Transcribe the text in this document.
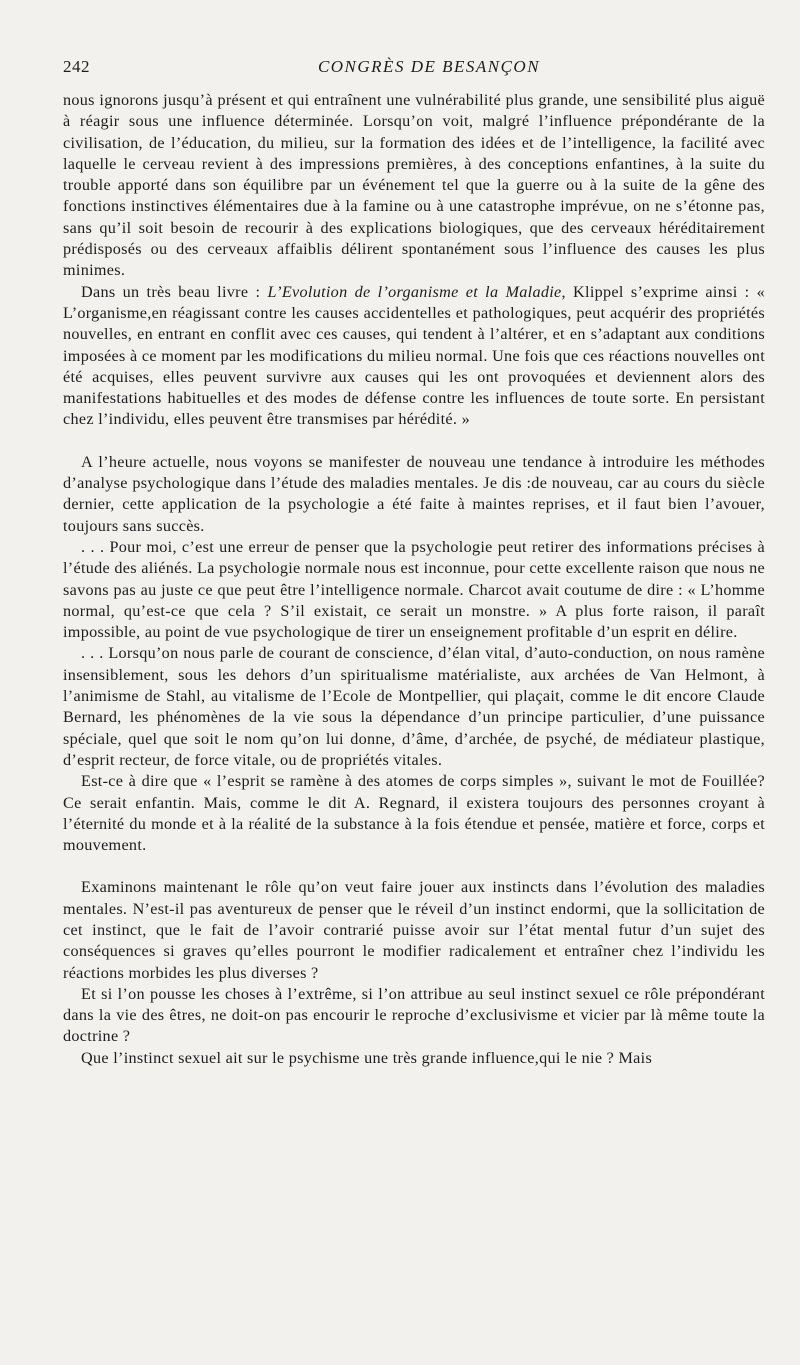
242	CONGRÈS DE BESANÇON

nous ignorons jusqu’à présent et qui entraînent une vulnérabilité plus grande, une sensibilité plus aiguë à réagir sous une influence déterminée. Lorsqu’on voit, malgré l’influence prépondérante de la civilisation, de l’éducation, du milieu, sur la formation des idées et de l’intelligence, la facilité avec laquelle le cerveau revient à des impressions premières, à des conceptions enfantines, à la suite du trouble apporté dans son équilibre par un événement tel que la guerre ou à la suite de la gêne des fonctions instinctives élémentaires due à la famine ou à une catastrophe imprévue, on ne s’étonne pas, sans qu’il soit besoin de recourir à des explications biologiques, que des cerveaux héréditairement prédisposés ou des cerveaux affaiblis délirent spontanément sous l’influence des causes les plus minimes.

Dans un très beau livre : L’Evolution de l’organisme et la Maladie, Klippel s’exprime ainsi : « L’organisme,en réagissant contre les causes accidentelles et pathologiques, peut acquérir des propriétés nouvelles, en entrant en conflit avec ces causes, qui tendent à l’altérer, et en s’adaptant aux conditions imposées à ce moment par les modifications du milieu normal. Une fois que ces réactions nouvelles ont été acquises, elles peuvent survivre aux causes qui les ont provoquées et deviennent alors des manifestations habituelles et des modes de défense contre les influences de toute sorte. En persistant chez l’individu, elles peuvent être transmises par hérédité. »

A l’heure actuelle, nous voyons se manifester de nouveau une tendance à introduire les méthodes d’analyse psychologique dans l’étude des maladies mentales. Je dis :de nouveau, car au cours du siècle dernier, cette application de la psychologie a été faite à maintes reprises, et il faut bien l’avouer, toujours sans succès.

. . . Pour moi, c’est une erreur de penser que la psychologie peut retirer des informations précises à l’étude des aliénés. La psychologie normale nous est inconnue, pour cette excellente raison que nous ne savons pas au juste ce que peut être l’intelligence normale. Charcot avait coutume de dire : « L’homme normal, qu’est-ce que cela ? S’il existait, ce serait un monstre. » A plus forte raison, il paraît impossible, au point de vue psychologique de tirer un enseignement profitable d’un esprit en délire.

. . . Lorsqu’on nous parle de courant de conscience, d’élan vital, d’auto-conduction, on nous ramène insensiblement, sous les dehors d’un spiritualisme matérialiste, aux archées de Van Helmont, à l’animisme de Stahl, au vitalisme de l’Ecole de Montpellier, qui plaçait, comme le dit encore Claude Bernard, les phénomènes de la vie sous la dépendance d’un principe particulier, d’une puissance spéciale, quel que soit le nom qu’on lui donne, d’âme, d’archée, de psyché, de médiateur plastique, d’esprit recteur, de force vitale, ou de propriétés vitales.

Est-ce à dire que « l’esprit se ramène à des atomes de corps simples », suivant le mot de Fouillée? Ce serait enfantin. Mais, comme le dit A. Regnard, il existera toujours des personnes croyant à l’éternité du monde et à la réalité de la substance à la fois étendue et pensée, matière et force, corps et mouvement.

Examinons maintenant le rôle qu’on veut faire jouer aux instincts dans l’évolution des maladies mentales. N’est-il pas aventureux de penser que le réveil d’un instinct endormi, que la sollicitation de cet instinct, que le fait de l’avoir contrarié puisse avoir sur l’état mental futur d’un sujet des conséquences si graves qu’elles pourront le modifier radicalement et entraîner chez l’individu les réactions morbides les plus diverses ?

Et si l’on pousse les choses à l’extrême, si l’on attribue au seul instinct sexuel ce rôle prépondérant dans la vie des êtres, ne doit-on pas encourir le reproche d’exclusivisme et vicier par là même toute la doctrine ?

Que l’instinct sexuel ait sur le psychisme une très grande influence,qui le nie ? Mais
